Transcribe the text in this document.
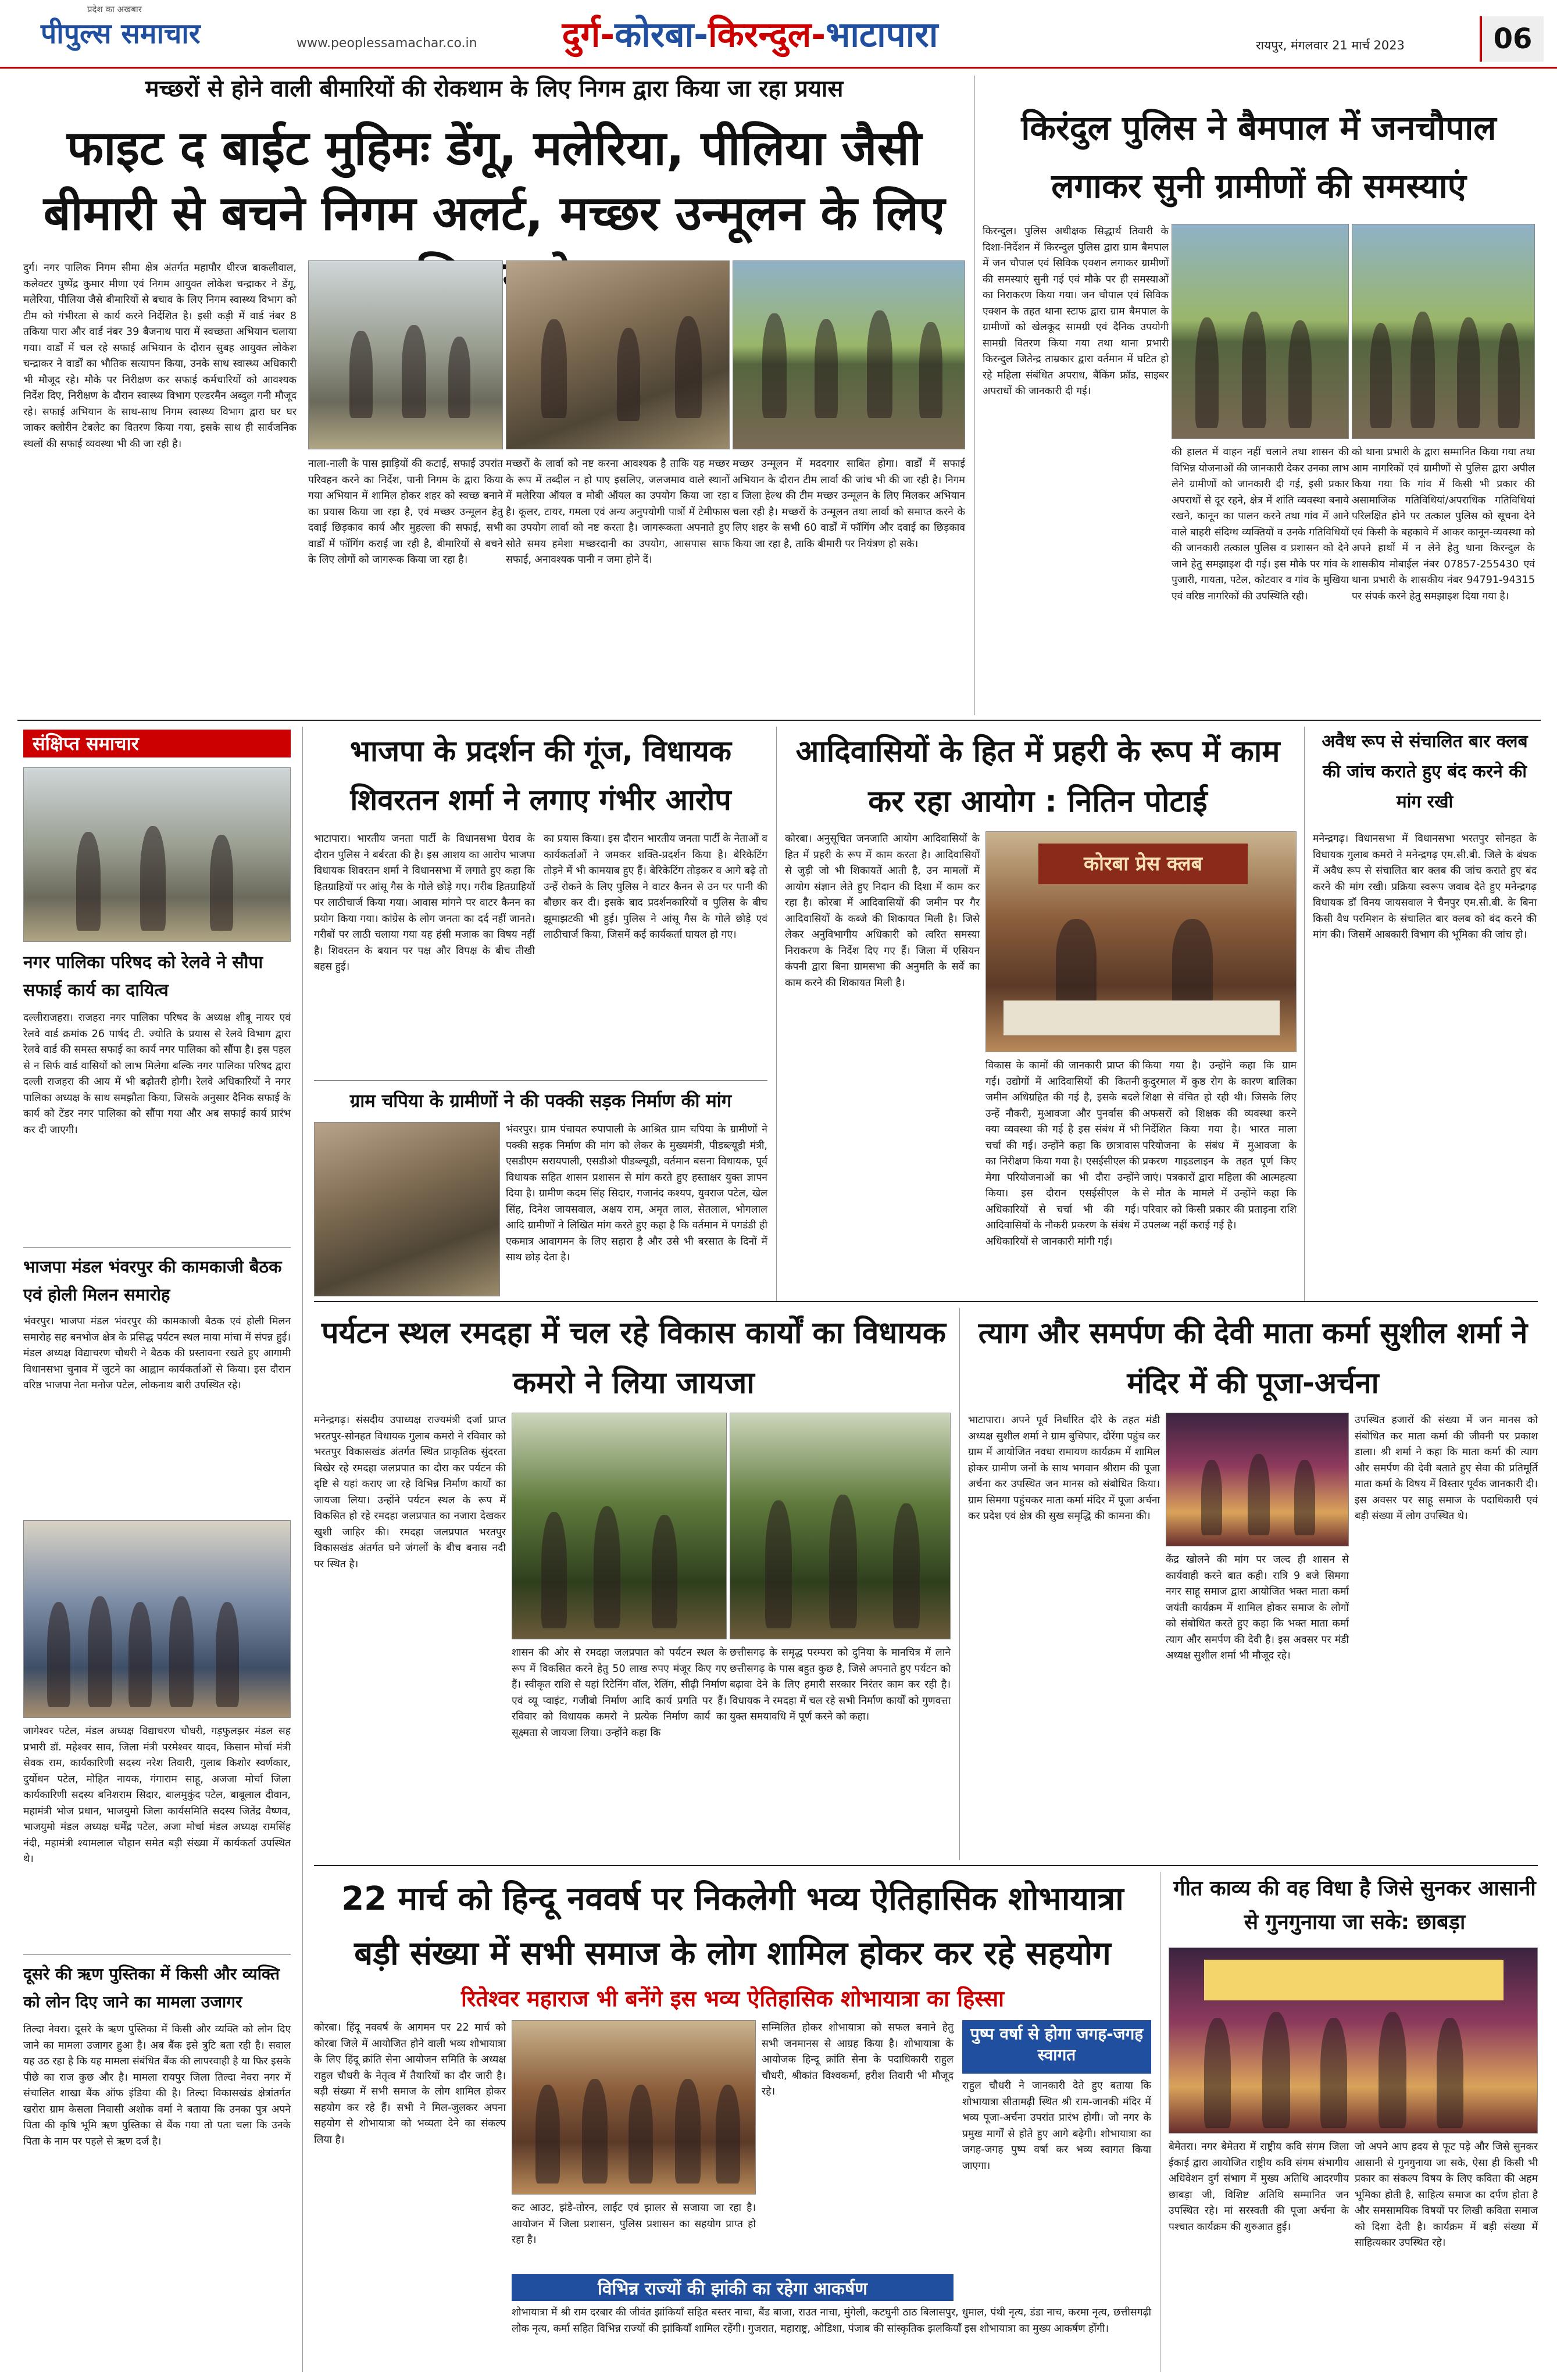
प्रदेश का अखबार
पीपुल्स समाचार	www.peoplessamachar.co.in	दुर्ग-कोरबा-किरन्दुल-भाटापारा	रायपुर, मंगलवार 21 मार्च 2023	06
मच्छरों से होने वाली बीमारियों की रोकथाम के लिए निगम द्वारा किया जा रहा प्रयास
फाइट द बाईट मुहिमः डेंगू, मलेरिया, पीलिया जैसी बीमारी से बचने निगम अलर्ट, मच्छर उन्मूलन के लिए
दुर्ग। नगर पालिक निगम सीमा क्षेत्र अंतर्गत महापौर धीरज बाकलीवाल, कलेक्टर पुष्पेंद्र कुमार मीणा एवं निगम आयुक्त लोकेश चन्द्राकर ने डेंगू, मलेरिया, पीलिया जैसे बीमारियों से बचाव के लिए निगम स्वास्थ्य विभाग को टीम को गंभीरता से कार्य करने निर्देशित है। इसी कड़ी में वार्ड नंबर 8 तकिया पारा और वार्ड नंबर 39 बैजनाथ पारा में स्वच्छता अभियान चलाया गया। वार्डों में चल रहे सफाई अभियान के दौरान सुबह आयुक्त लोकेश चन्द्राकर ने वार्डों का भौतिक सत्यापन किया, उनके साथ स्वास्थ्य अधिकारी भी मौजूद रहे। मौके पर निरीक्षण कर सफाई कर्मचारियों को आवश्यक निर्देश दिए, निरीक्षण के दौरान स्वास्थ्य विभाग एल्डरमैन अब्दुल गनी मौजूद रहे। सफाई अभियान के साथ-साथ निगम स्वास्थ्य विभाग द्वारा घर घर जाकर क्लोरीन टेबलेट का वितरण किया गया, इसके साथ ही सार्वजनिक स्थलों की सफाई व्यवस्था भी की जा रही है।
नाला-नाली के पास झाड़ियों की कटाई, सफाई उपरांत परिवहन करने का निर्देश, पानी निगम के द्वारा किया गया अभियान में शामिल होकर शहर को स्वच्छ बनाने का प्रयास किया जा रहा है, एवं मच्छर उन्मूलन हेतु दवाई छिड़काव कार्य और मुहल्ला की सफाई, सभी वार्डों में फॉगिंग कराई जा रही है, बीमारियों से बचने के लिए लोगों को जागरूक किया जा रहा है।
मच्छरों के लार्वा को नष्ट करना आवश्यक है ताकि यह मच्छर के रूप में तब्दील न हो पाए इसलिए, जलजमाव वाले स्थानों में मलेरिया ऑयल व मोबी ऑयल का उपयोग किया जा रहा है। कूलर, टायर, गमला एवं अन्य अनुपयोगी पात्रों में टेमीफास का उपयोग लार्वा को नष्ट करता है। जागरूकता अपनाते हुए सोते समय हमेशा मच्छरदानी का उपयोग, आसपास साफ सफाई, अनावश्यक पानी न जमा होने दें।
मच्छर उन्मूलन में मददगार साबित होगा। वार्डों में सफाई अभियान के दौरान टीम लार्वा की जांच भी की जा रही है। निगम व जिला हेल्थ की टीम मच्छर उन्मूलन के लिए मिलकर अभियान चला रही है। मच्छरों के उन्मूलन तथा लार्वा को समाप्त करने के लिए शहर के सभी 60 वार्डों में फॉगिंग और दवाई का छिड़काव किया जा रहा है, ताकि बीमारी पर नियंत्रण हो सके।
किरंदुल पुलिस ने बैमपाल में जनचौपाल लगाकर सुनी ग्रामीणों की समस्याएं
किरन्दुल। पुलिस अधीक्षक सिद्धार्थ तिवारी के दिशा-निर्देशन में किरन्दुल पुलिस द्वारा ग्राम बैमपाल में जन चौपाल एवं सिविक एक्शन लगाकर ग्रामीणों की समस्याएं सुनी गई एवं मौके पर ही समस्याओं का निराकरण किया गया। जन चौपाल एवं सिविक एक्शन के तहत थाना स्टाफ द्वारा ग्राम बैमपाल के ग्रामीणों को खेलकूद सामग्री एवं दैनिक उपयोगी सामग्री वितरण किया गया तथा थाना प्रभारी किरन्दुल जितेन्द्र ताम्रकार द्वारा वर्तमान में घटित हो रहे महिला संबंधित अपराध, बैंकिंग फ्रॉड, साइबर अपराधों की जानकारी दी गई।
की हालत में वाहन नहीं चलाने तथा शासन की विभिन्न योजनाओं की जानकारी देकर उनका लाभ लेने ग्रामीणों को जानकारी दी गई, इसी प्रकार अपराधों से दूर रहने, क्षेत्र में शांति व्यवस्था बनाये रखने, कानून का पालन करने तथा गांव में आने वाले बाहरी संदिग्ध व्यक्तियों व उनके गतिविधियों की जानकारी तत्काल पुलिस व प्रशासन को देने जाने हेतु समझाइश दी गई। इस मौके पर गांव के पुजारी, गायता, पटेल, कोटवार व गांव के मुखिया एवं वरिष्ठ नागरिकों की उपस्थिति रही।
को थाना प्रभारी के द्वारा सम्मानित किया गया तथा आम नागरिकों एवं ग्रामीणों से पुलिस द्वारा अपील किया गया कि गांव में किसी भी प्रकार की असामाजिक गतिविधियां/अपराधिक गतिविधियां परिलक्षित होने पर तत्काल पुलिस को सूचना देने एवं किसी के बहकावे में आकर कानून-व्यवस्था को अपने हाथों में न लेने हेतु थाना किरन्दुल के शासकीय मोबाईल नंबर 07857-255430 एवं थाना प्रभारी के शासकीय नंबर 94791-94315 पर संपर्क करने हेतु समझाइश दिया गया है।
संक्षिप्त समाचार
नगर पालिका परिषद को रेलवे ने सौपा सफाई कार्य का दायित्व
दल्लीराजहरा। राजहरा नगर पालिका परिषद के अध्यक्ष शीबू नायर एवं रेलवे वार्ड क्रमांक 26 पार्षद टी. ज्योति के प्रयास से रेलवे विभाग द्वारा रेलवे वार्ड की समस्त सफाई का कार्य नगर पालिका को सौंपा है। इस पहल से न सिर्फ वार्ड वासियों को लाभ मिलेगा बल्कि नगर पालिका परिषद द्वारा दल्ली राजहरा की आय में भी बढ़ोतरी होगी। रेलवे अधिकारियों ने नगर पालिका अध्यक्ष के साथ समझौता किया, जिसके अनुसार दैनिक सफाई के कार्य को टेंडर नगर पालिका को सौंपा गया और अब सफाई कार्य प्रारंभ कर दी जाएगी।
भाजपा मंडल भंवरपुर की कामकाजी बैठक एवं होली मिलन समारोह
भंवरपुर। भाजपा मंडल भंवरपुर की कामकाजी बैठक एवं होली मिलन समारोह सह बनभोज क्षेत्र के प्रसिद्ध पर्यटन स्थल माया मांचा में संपन्न हुई। मंडल अध्यक्ष विद्याचरण चौधरी ने बैठक की प्रस्तावना रखते हुए आगामी विधानसभा चुनाव में जुटने का आह्वान कार्यकर्ताओं से किया। इस दौरान वरिष्ठ भाजपा नेता मनोज पटेल, लोकनाथ बारी उपस्थित रहे।
जागेश्वर पटेल, मंडल अध्यक्ष विद्याचरण चौधरी, गड़फुलझर मंडल सह प्रभारी डॉ. महेश्वर साव, जिला मंत्री परमेश्वर यादव, किसान मोर्चा मंत्री सेवक राम, कार्यकारिणी सदस्य नरेश तिवारी, गुलाब किशोर स्वर्णकार, दुर्योधन पटेल, मोहित नायक, गंगाराम साहू, अजजा मोर्चा जिला कार्यकारिणी सदस्य बनिशराम सिदार, बालमुकुंद पटेल, बाबूलाल दीवान, महामंत्री भोज प्रधान, भाजयुमो जिला कार्यसमिति सदस्य जितेंद्र वैष्णव, भाजयुमो मंडल अध्यक्ष धर्मेंद्र पटेल, अजा मोर्चा मंडल अध्यक्ष रामसिंह नंदी, महामंत्री श्यामलाल चौहान समेत बड़ी संख्या में कार्यकर्ता उपस्थित थे।
दूसरे की ऋण पुस्तिका में किसी और व्यक्ति को लोन दिए जाने का मामला उजागर
तिल्दा नेवरा। दूसरे के ऋण पुस्तिका में किसी और व्यक्ति को लोन दिए जाने का मामला उजागर हुआ है। अब बैंक इसे त्रुटि बता रही है। सवाल यह उठ रहा है कि यह मामला संबंधित बैंक की लापरवाही है या फिर इसके पीछे का राज कुछ और है। मामला रायपुर जिला तिल्दा नेवरा नगर में संचालित शाखा बैंक ऑफ इंडिया की है। तिल्दा विकासखंड क्षेत्रांतर्गत खरोरा ग्राम केसला निवासी अशोक वर्मा ने बताया कि उनका पुत्र अपने पिता की कृषि भूमि ऋण पुस्तिका से बैंक गया तो पता चला कि उनके पिता के नाम पर पहले से ऋण दर्ज है।
भाजपा के प्रदर्शन की गूंज, विधायक शिवरतन शर्मा ने लगाए गंभीर आरोप
भाटापारा। भारतीय जनता पार्टी के विधानसभा घेराव के दौरान पुलिस ने बर्बरता की है। इस आशय का आरोप भाजपा विधायक शिवरतन शर्मा ने विधानसभा में लगाते हुए कहा कि हितग्राहियों पर आंसू गैस के गोले छोड़े गए। गरीब हितग्राहियों पर लाठीचार्ज किया गया। आवास मांगने पर वाटर कैनन का प्रयोग किया गया। कांग्रेस के लोग जनता का दर्द नहीं जानते। गरीबों पर लाठी चलाया गया यह हंसी मजाक का विषय नहीं है। शिवरतन के बयान पर पक्ष और विपक्ष के बीच तीखी बहस हुई।
का प्रयास किया। इस दौरान भारतीय जनता पार्टी के नेताओं व कार्यकर्ताओं ने जमकर शक्ति-प्रदर्शन किया है। बेरिकेटिंग तोड़ने में भी कामयाब हुए हैं। बेरिकेटिंग तोड़कर व आगे बढ़े तो उन्हें रोकने के लिए पुलिस ने वाटर कैनन से उन पर पानी की बौछार कर दी। इसके बाद प्रदर्शनकारियों व पुलिस के बीच झूमाझटकी भी हुई। पुलिस ने आंसू गैस के गोले छोड़े एवं लाठीचार्ज किया, जिसमें कई कार्यकर्ता घायल हो गए।
ग्राम चपिया के ग्रामीणों ने की पक्की सड़क निर्माण की मांग
भंवरपुर। ग्राम पंचायत रुपापाली के आश्रित ग्राम चपिया के ग्रामीणों ने पक्की सड़क निर्माण की मांग को लेकर के मुख्यमंत्री, पीडब्ल्यूडी मंत्री, एसडीएम सरायपाली, एसडीओ पीडब्ल्यूडी, वर्तमान बसना विधायक, पूर्व विधायक सहित शासन प्रशासन से मांग करते हुए हस्ताक्षर युक्त ज्ञापन दिया है। ग्रामीण कदम सिंह सिदार, गजानंद कश्यप, युवराज पटेल, खेल सिंह, दिनेश जायसवाल, अक्षय राम, अमृत लाल, सेतलाल, भोगलाल आदि ग्रामीणों ने लिखित मांग करते हुए कहा है कि वर्तमान में पगडंडी ही एकमात्र आवागमन के लिए सहारा है और उसे भी बरसात के दिनों में साथ छोड़ देता है।
आदिवासियों के हित में प्रहरी के रूप में काम कर रहा आयोग : नितिन पोटाई
कोरबा। अनुसूचित जनजाति आयोग आदिवासियों के हित में प्रहरी के रूप में काम करता है। आदिवासियों से जुड़ी जो भी शिकायतें आती है, उन मामलों में आयोग संज्ञान लेते हुए निदान की दिशा में काम कर रहा है। कोरबा में आदिवासियों की जमीन पर गैर आदिवासियों के कब्जे की शिकायत मिली है। जिसे लेकर अनुविभागीय अधिकारी को त्वरित समस्या निराकरण के निर्देश दिए गए हैं। जिला में एसियन कंपनी द्वारा बिना ग्रामसभा की अनुमति के सर्वे का काम करने की शिकायत मिली है।
कोरबा प्रेस क्लब
विकास के कामों की जानकारी प्राप्त की गई। उद्योगों में आदिवासियों की कितनी जमीन अधिग्रहित की गई है, इसके बदले उन्हें नौकरी, मुआवजा और पुनर्वास की क्या व्यवस्था की गई है इस संबंध में भी चर्चा की गई। उन्होंने कहा कि छात्रावास का निरीक्षण किया गया है। एसईसीएल की मेगा परियोजनाओं का भी दौरा उन्होंने किया। इस दौरान एसईसीएल के अधिकारियों से चर्चा भी की गई। आदिवासियों के नौकरी प्रकरण के संबंध में अधिकारियों से जानकारी मांगी गई।
किया गया है। उन्होंने कहा कि ग्राम कुदुरमाल में कुष्ठ रोग के कारण बालिका शिक्षा से वंचित हो रही थी। जिसके लिए अफसरों को शिक्षक की व्यवस्था करने निर्देशित किया गया है। भारत माला परियोजना के संबंध में मुआवजा के प्रकरण गाइडलाइन के तहत पूर्ण किए जाएं। पत्रकारों द्वारा महिला की आत्महत्या से मौत के मामले में उन्होंने कहा कि परिवार को किसी प्रकार की प्रताड़ना राशि उपलब्ध नहीं कराई गई है।
अवैध रूप से संचालित बार क्लब की जांच कराते हुए बंद करने की मांग रखी
मनेन्द्रगढ़। विधानसभा में विधानसभा भरतपुर सोनहत के विधायक गुलाब कमरो ने मनेन्द्रगढ़ एम.सी.बी. जिले के बंधक में अवैध रूप से संचालित बार क्लब की जांच कराते हुए बंद करने की मांग रखी। प्रक्रिया स्वरूप जवाब देते हुए मनेन्द्रगढ़ विधायक डॉ विनय जायसवाल ने चैनपुर एम.सी.बी. के बिना किसी वैध परमिशन के संचालित बार क्लब को बंद करने की मांग की। जिसमें आबकारी विभाग की भूमिका की जांच हो।
पर्यटन स्थल रमदहा में चल रहे विकास कार्यों का विधायक कमरो ने लिया जायजा
मनेन्द्रगढ़। संसदीय उपाध्यक्ष राज्यमंत्री दर्जा प्राप्त भरतपुर-सोनहत विधायक गुलाब कमरो ने रविवार को भरतपुर विकासखंड अंतर्गत स्थित प्राकृतिक सुंदरता बिखेर रहे रमदहा जलप्रपात का दौरा कर पर्यटन की दृष्टि से यहां कराए जा रहे विभिन्न निर्माण कार्यों का जायजा लिया। उन्होंने पर्यटन स्थल के रूप में विकसित हो रहे रमदहा जलप्रपात का नजारा देखकर खुशी जाहिर की। रमदहा जलप्रपात भरतपुर विकासखंड अंतर्गत घने जंगलों के बीच बनास नदी पर स्थित है।
शासन की ओर से रमदहा जलप्रपात को पर्यटन स्थल के रूप में विकसित करने हेतु 50 लाख रुपए मंजूर किए गए हैं। स्वीकृत राशि से यहां रिटेनिंग वॉल, रेलिंग, सीढ़ी निर्माण एवं व्यू प्वाइंट, गजीबो निर्माण आदि कार्य प्रगति पर हैं। रविवार को विधायक कमरो ने प्रत्येक निर्माण कार्य का सूक्ष्मता से जायजा लिया। उन्होंने कहा कि
छत्तीसगढ़ के समृद्ध परम्परा को दुनिया के मानचित्र में लाने छत्तीसगढ़ के पास बहुत कुछ है, जिसे अपनाते हुए पर्यटन को बढ़ावा देने के लिए हमारी सरकार निरंतर काम कर रही है। विधायक ने रमदहा में चल रहे सभी निर्माण कार्यों को गुणवत्ता युक्त समयावधि में पूर्ण करने को कहा।
त्याग और समर्पण की देवी माता कर्मा सुशील शर्मा ने मंदिर में की पूजा-अर्चना
भाटापारा। अपने पूर्व निर्धारित दौरे के तहत मंडी अध्यक्ष सुशील शर्मा ने ग्राम बुचिपार, दौरेंगा पहुंच कर ग्राम में आयोजित नवधा रामायण कार्यक्रम में शामिल होकर ग्रामीण जनों के साथ भगवान श्रीराम की पूजा अर्चना कर उपस्थित जन मानस को संबोधित किया। ग्राम सिमगा पहुंचकर माता कर्मा मंदिर में पूजा अर्चना कर प्रदेश एवं क्षेत्र की सुख समृद्धि की कामना की।
केंद्र खोलने की मांग पर जल्द ही शासन से कार्यवाही करने बात कही। रात्रि 9 बजे सिमगा नगर साहू समाज द्वारा आयोजित भक्त माता कर्मा जयंती कार्यक्रम में शामिल होकर समाज के लोगों को संबोधित करते हुए कहा कि भक्त माता कर्मा त्याग और समर्पण की देवी है। इस अवसर पर मंडी अध्यक्ष सुशील शर्मा भी मौजूद रहे।
उपस्थित हजारों की संख्या में जन मानस को संबोधित कर माता कर्मा की जीवनी पर प्रकाश डाला। श्री शर्मा ने कहा कि माता कर्मा की त्याग और समर्पण की देवी बताते हुए सेवा की प्रतिमूर्ति माता कर्मा के विषय में विस्तार पूर्वक जानकारी दी। इस अवसर पर साहू समाज के पदाधिकारी एवं बड़ी संख्या में लोग उपस्थित थे।
22 मार्च को हिन्दू नववर्ष पर निकलेगी भव्य ऐतिहासिक शोभायात्रा बड़ी संख्या में सभी समाज के लोग शामिल होकर कर रहे सहयोग
रितेश्वर महाराज भी बनेंगे इस भव्य ऐतिहासिक शोभायात्रा का हिस्सा
कोरबा। हिंदू नववर्ष के आगमन पर 22 मार्च को कोरबा जिले में आयोजित होने वाली भव्य शोभायात्रा के लिए हिंदू क्रांति सेना आयोजन समिति के अध्यक्ष राहुल चौधरी के नेतृत्व में तैयारियों का दौर जारी है। बड़ी संख्या में सभी समाज के लोग शामिल होकर सहयोग कर रहे हैं। सभी ने मिल-जुलकर अपना सहयोग से शोभायात्रा को भव्यता देने का संकल्प लिया है।
कट आउट, झंडे-तोरन, लाईट एवं झालर से सजाया जा रहा है। आयोजन में जिला प्रशासन, पुलिस प्रशासन का सहयोग प्राप्त हो रहा है।
सम्मिलित होकर शोभायात्रा को सफल बनाने हेतु सभी जनमानस से आग्रह किया है। शोभायात्रा के आयोजक हिन्दू क्रांति सेना के पदाधिकारी राहुल चौधरी, श्रीकांत विश्वकर्मा, हरीश तिवारी भी मौजूद रहे।
विभिन्न राज्यों की झांकी का रहेगा आकर्षण
शोभायात्रा में श्री राम दरबार की जीवंत झांकियाँ सहित बस्तर नाचा, बैंड बाजा, राउत नाचा, मुंगेली, कटघुनी ठाठ बिलासपुर, धुमाल, पंथी नृत्य, डंडा नाच, करमा नृत्य, छत्तीसगढ़ी लोक नृत्य, कर्मा सहित विभिन्न राज्यों की झांकियाँ शामिल रहेंगी। गुजरात, महाराष्ट्र, ओडिशा, पंजाब की सांस्कृतिक झलकियाँ इस शोभायात्रा का मुख्य आकर्षण होंगी।
पुष्प वर्षा से होगा जगह-जगह स्वागत
राहुल चौधरी ने जानकारी देते हुए बताया कि शोभायात्रा सीतामढ़ी स्थित श्री राम-जानकी मंदिर में भव्य पूजा-अर्चना उपरांत प्रारंभ होगी। जो नगर के प्रमुख मार्गों से होते हुए आगे बढ़ेगी। शोभायात्रा का जगह-जगह पुष्प वर्षा कर भव्य स्वागत किया जाएगा।
गीत काव्य की वह विधा है जिसे सुनकर आसानी से गुनगुनाया जा सके: छाबड़ा
बेमेतरा। नगर बेमेतरा में राष्ट्रीय कवि संगम जिला ईकाई द्वारा आयोजित राष्ट्रीय कवि संगम संभागीय अधिवेशन दुर्ग संभाग में मुख्य अतिथि आदरणीय छाबड़ा जी, विशिष्ट अतिथि सम्मानित जन उपस्थित रहे। मां सरस्वती की पूजा अर्चना के पश्चात कार्यक्रम की शुरुआत हुई।
जो अपने आप ह्रदय से फूट पड़े और जिसे सुनकर आसानी से गुनगुनाया जा सके, ऐसा ही किसी भी प्रकार का संकल्प विषय के लिए कविता की अहम भूमिका होती है, साहित्य समाज का दर्पण होता है और समसामयिक विषयों पर लिखी कविता समाज को दिशा देती है। कार्यक्रम में बड़ी संख्या में साहित्यकार उपस्थित रहे।
